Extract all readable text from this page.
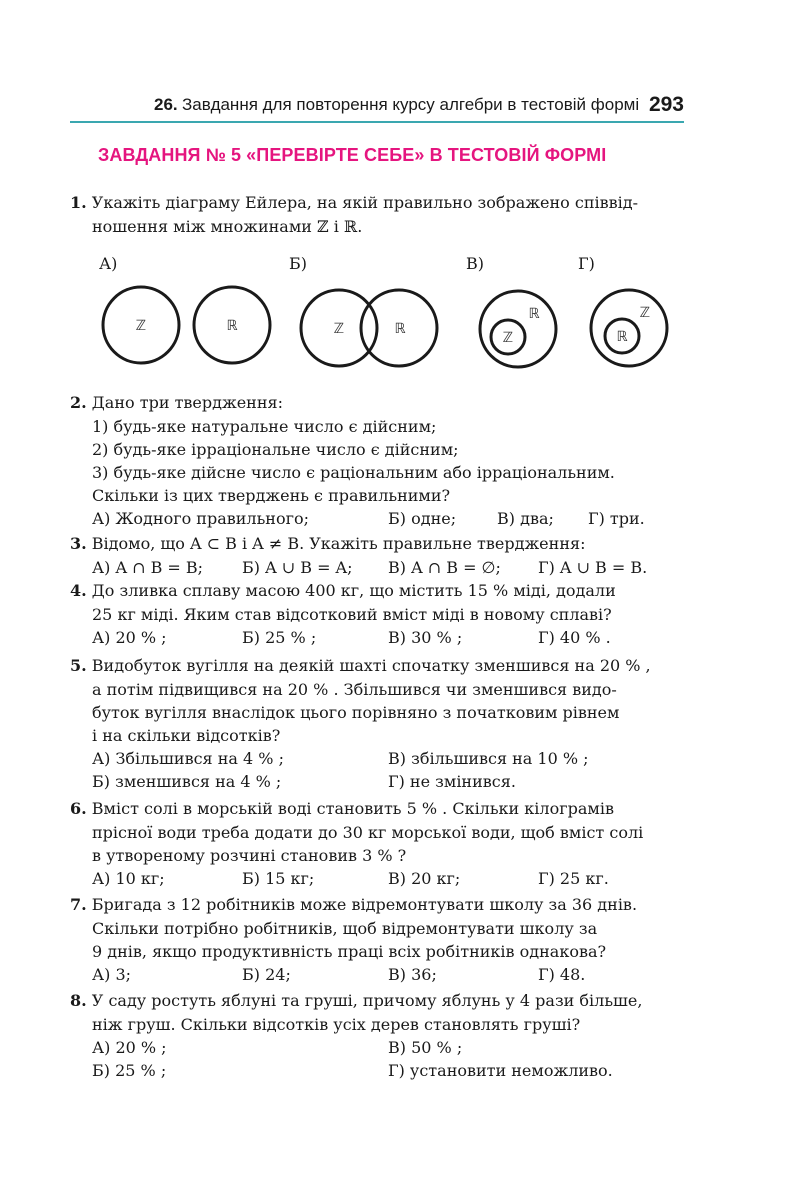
26. Завдання для повторення курсу алгебри в тестовій формі 293
ЗАВДАННЯ № 5 «ПЕРЕВІРТЕ СЕБЕ» В ТЕСТОВІЙ ФОРМІ
1. Укажіть діаграму Ейлера, на якій правильно зображено співвід-
ношення між множинами ℤ і ℝ.
А)	Б)	В)	Г)
ℤ	ℝ	ℤ	ℝ
ℝ
ℤ
ℤ
ℝ
2. Дано три твердження:
1) будь-яке натуральне число є дійсним;
2) будь-яке ірраціональне число є дійсним;
3) будь-яке дійсне число є раціональним або ірраціональним.
Скільки із цих тверджень є правильними?
А) Жодного правильного;	Б) одне;	В) два; Г) три.
3. Відомо, що A ⊂ B і A ≠ B. Укажіть правильне твердження:
А) A ∩ B = B; Б) A ∪ B = A; В) A ∩ B = ∅; Г) A ∪ B = B.
4. До зливка сплаву масою 400 кг, що містить 15 % міді, додали
25 кг міді. Яким став відсотковий вміст міді в новому сплаві?
А) 20 % ;	Б) 25 % ;	В) 30 % ;	Г) 40 % .
5. Видобуток вугілля на деякій шахті спочатку зменшився на 20 % ,
а потім підвищився на 20 % . Збільшився чи зменшився видо-
буток вугілля внаслідок цього порівняно з початковим рівнем
і на скільки відсотків?
А) Збільшився на 4 % ;	В) збільшився на 10 % ;
Б) зменшився на 4 % ;	Г) не змінився.
6. Вміст солі в морській воді становить 5 % . Скільки кілограмів
прісної води треба додати до 30 кг морської води, щоб вміст солі
в утвореному розчині становив 3 % ?
А) 10 кг;	Б) 15 кг;	В) 20 кг;	Г) 25 кг.
7. Бригада з 12 робітників може відремонтувати школу за 36 днів.
Скільки потрібно робітників, щоб відремонтувати школу за
9 днів, якщо продуктивність праці всіх робітників однакова?
А) 3;	Б) 24;	В) 36;	Г) 48.
8. У саду ростуть яблуні та груші, причому яблунь у 4 рази більше,
ніж груш. Скільки відсотків усіх дерев становлять груші?
А) 20 % ;	В) 50 % ;
Б) 25 % ;	Г) установити неможливо.
